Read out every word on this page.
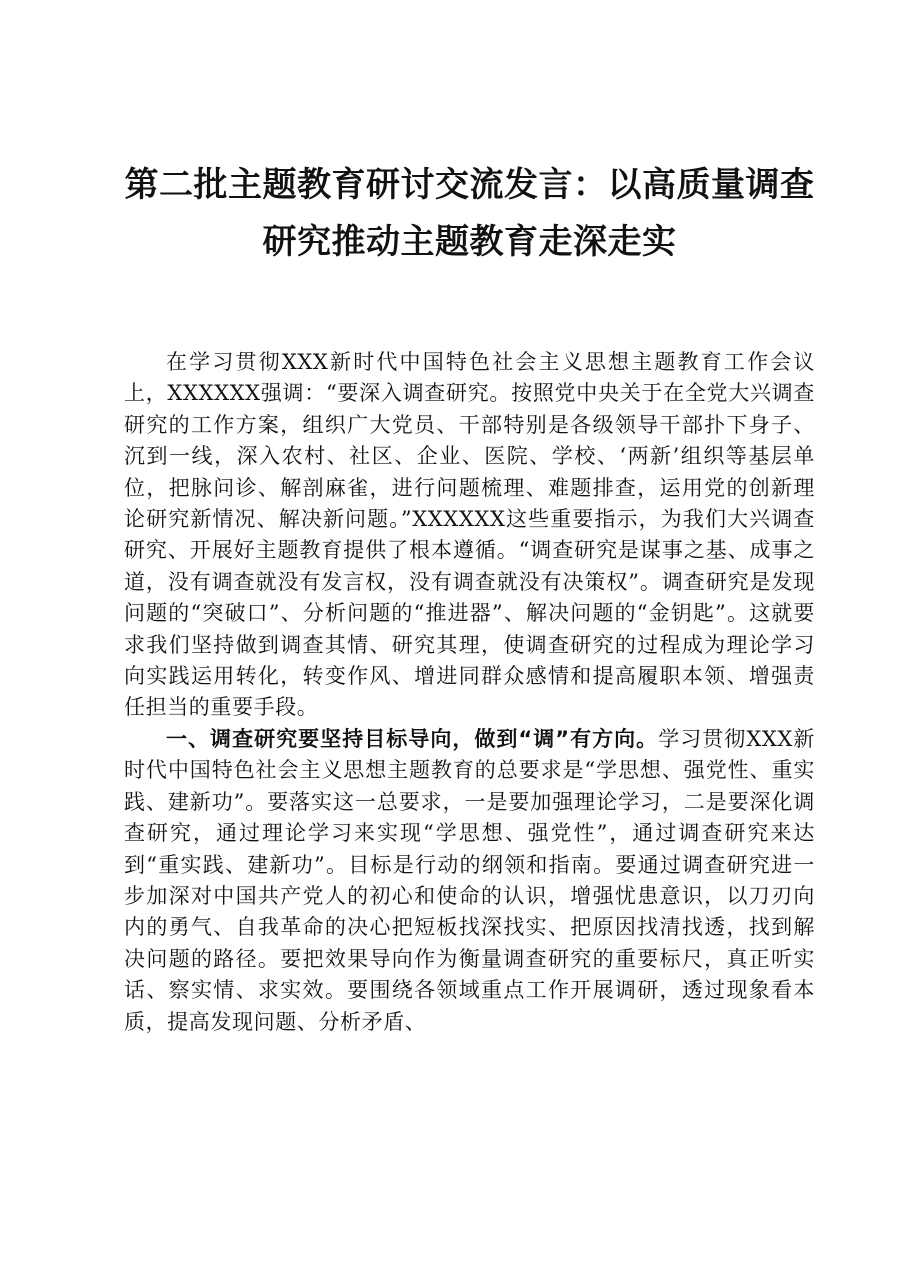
第二批主题教育研讨交流发言：以高质量调查研究推动主题教育走深走实

在学习贯彻XXX新时代中国特色社会主义思想主题教育工作会议上，XXXXXX强调：“要深入调查研究。按照党中央关于在全党大兴调查研究的工作方案，组织广大党员、干部特别是各级领导干部扑下身子、沉到一线，深入农村、社区、企业、医院、学校、‘两新’组织等基层单位，把脉问诊、解剖麻雀，进行问题梳理、难题排查，运用党的创新理论研究新情况、解决新问题。”XXXXXX这些重要指示，为我们大兴调查研究、开展好主题教育提供了根本遵循。“调查研究是谋事之基、成事之道，没有调查就没有发言权，没有调查就没有决策权”。调查研究是发现问题的“突破口”、分析问题的“推进器”、解决问题的“金钥匙”。这就要求我们坚持做到调查其情、研究其理，使调查研究的过程成为理论学习向实践运用转化，转变作风、增进同群众感情和提高履职本领、增强责任担当的重要手段。

一、调查研究要坚持目标导向，做到“调”有方向。学习贯彻XXX新时代中国特色社会主义思想主题教育的总要求是“学思想、强党性、重实践、建新功”。要落实这一总要求，一是要加强理论学习，二是要深化调查研究，通过理论学习来实现“学思想、强党性”，通过调查研究来达到“重实践、建新功”。目标是行动的纲领和指南。要通过调查研究进一步加深对中国共产党人的初心和使命的认识，增强忧患意识，以刀刃向内的勇气、自我革命的决心把短板找深找实、把原因找清找透，找到解决问题的路径。要把效果导向作为衡量调查研究的重要标尺，真正听实话、察实情、求实效。要围绕各领域重点工作开展调研，透过现象看本质，提高发现问题、分析矛盾、
